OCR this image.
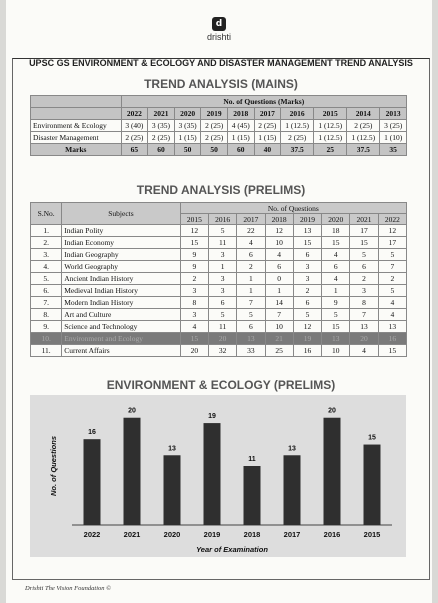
d
drishti
UPSC GS ENVIRONMENT & ECOLOGY AND DISASTER MANAGEMENT TREND ANALYSIS
TREND ANALYSIS (MAINS)
	No. of Questions (Marks)									
	2022	2021	2020	2019	2018	2017	2016	2015	2014	2013
Environment & Ecology	3 (40)	3 (35)	3 (35)	2 (25)	4 (45)	2 (25)	1 (12.5)	1 (12.5)	2 (25)	3 (25)
Disaster Management	2 (25)	2 (25)	1 (15)	2 (25)	1 (15)	1 (15)	2 (25)	1 (12.5)	1 (12.5)	1 (10)
Marks	65	60	50	50	60	40	37.5	25	37.5	35
TREND ANALYSIS (PRELIMS)
S.No.	Subjects	No. of Questions							
		2015	2016	2017	2018	2019	2020	2021	2022
1.	Indian Polity	12	5	22	12	13	18	17	12
2.	Indian Economy	15	11	4	10	15	15	15	17
3.	Indian Geography	9	3	6	4	6	4	5	5
4.	World Geography	9	1	2	6	3	6	6	7
5.	Ancient Indian History	2	3	1	0	3	4	2	2
6.	Medieval Indian History	3	3	1	1	2	1	3	5
7.	Modern Indian History	8	6	7	14	6	9	8	4
8.	Art and Culture	3	5	5	7	5	5	7	4
9.	Science and Technology	4	11	6	10	12	15	13	13
10.	Environment and Ecology	15	20	13	21	19	13	20	16
11.	Current Affairs	20	32	33	25	16	10	4	15
ENVIRONMENT & ECOLOGY (PRELIMS)
16
2022
20
2021
13
2020
19
2019
11
2018
13
2017
20
2016
15
2015
Year of Examination
No. of Questions
Drishti The Vision Foundation ©
